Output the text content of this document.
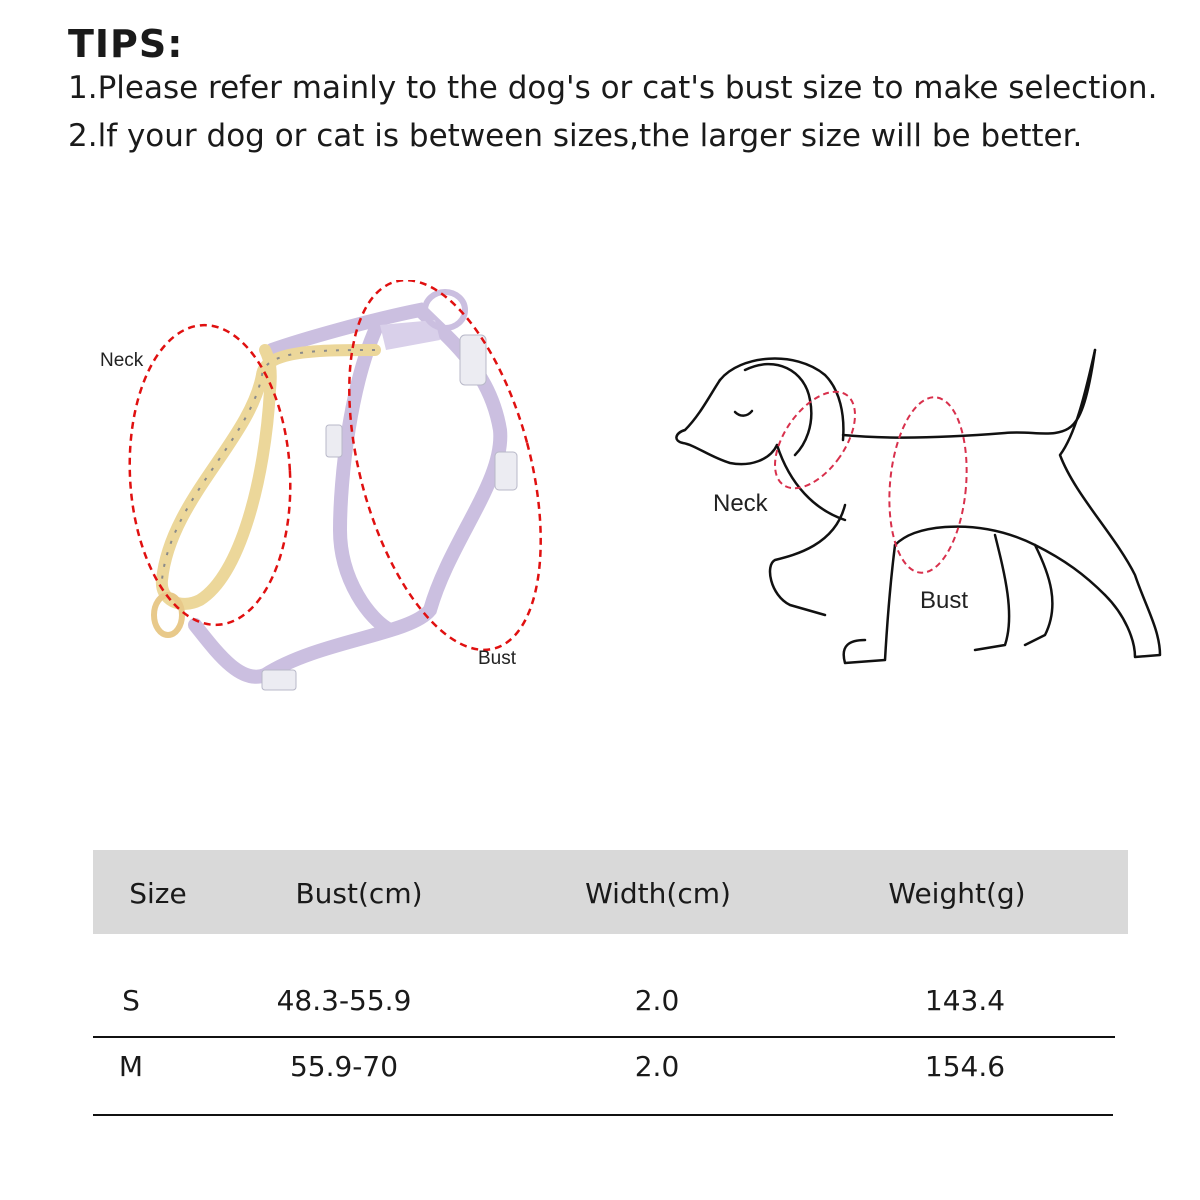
TIPS:
1.Please refer mainly to the dog's or cat's bust size to make selection.
2.lf your dog or cat is between sizes,the larger size will be better.
Neck
Bust
Neck
Bust
Size	Bust(cm)	Width(cm)	Weight(g)
S	48.3-55.9	2.0	143.4
M	55.9-70	2.0	154.6
